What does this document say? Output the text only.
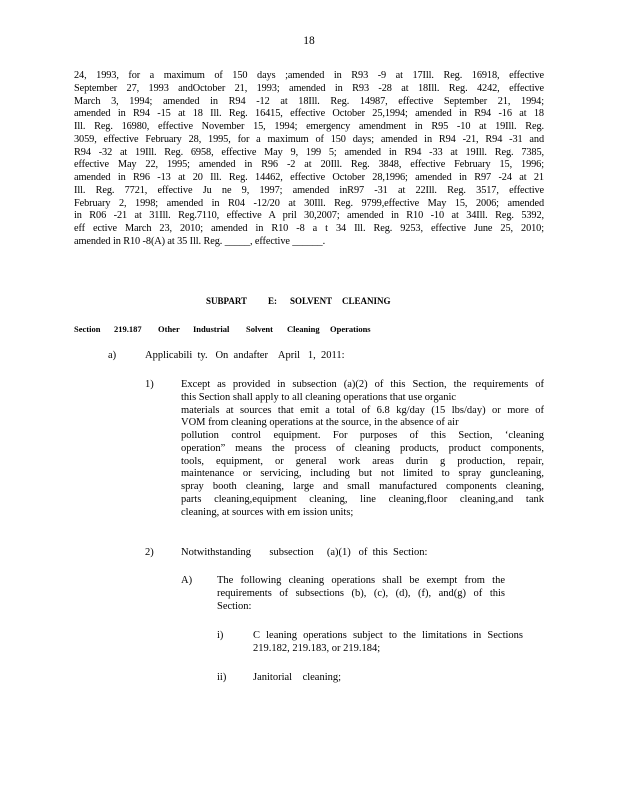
18
24, 1993, for a maximum of 150 days ;amended in R93 -9 at 17Ill. Reg. 16918, effective
September 27, 1993 andOctober 21, 1993; amended in R93 -28 at 18Ill. Reg. 4242, effective
March 3, 1994; amended in R94 -12 at 18Ill. Reg. 14987, effective September 21, 1994;
amended in R94 -15 at 18 Ill. Reg. 16415, effective October 25,1994; amended in R94 -16 at 18
Ill. Reg. 16980, effective November 15, 1994; emergency amendment in R95 -10 at 19Ill. Reg.
3059, effective February 28, 1995, for a maximum of 150 days; amended in R94 -21, R94 -31 and
R94 -32 at 19Ill. Reg. 6958, effective May 9, 199 5; amended in R94 -33 at 19Ill. Reg. 7385,
effective May 22, 1995; amended in R96 -2 at 20Ill. Reg. 3848, effective February 15, 1996;
amended in R96 -13 at 20 Ill. Reg. 14462, effective October 28,1996; amended in R97 -24 at 21
Ill. Reg. 7721, effective Ju ne 9, 1997; amended inR97 -31 at 22Ill. Reg. 3517, effective
February 2, 1998; amended in R04 -12/20 at 30Ill. Reg. 9799,effective May 15, 2006; amended
in R06 -21 at 31Ill. Reg.7110, effective A pril 30,2007; amended in R10 -10 at 34Ill. Reg. 5392,
eff ective March 23, 2010; amended in R10 -8 a t 34 Ill. Reg. 9253, effective June 25, 2010;
amended in R10 -8(A) at 35 Ill. Reg. _____, effective ______.
SUBPART E: SOLVENT CLEANING
Section 219.187 Other Industrial Solvent Cleaning Operations
a)	Applicabili  ty.   On  andafter    April   1,  2011:
1)	Except as provided in subsection (a)(2) of this Section, the requirements of
this Section shall apply to all cleaning operations that use organic
materials at sources that emit a total of 6.8 kg/day (15 lbs/day) or more of
VOM from cleaning operations at the source, in the absence of air
pollution control equipment. For purposes of this Section, ‘cleaning
operation” means the process of cleaning products, product components,
tools, equipment, or general work areas durin g production, repair,
maintenance or servicing, including but not limited to spray guncleaning,
spray booth cleaning, large and small manufactured components cleaning,
parts cleaning,equipment cleaning, line cleaning,floor cleaning,and tank
cleaning, at sources with em ission units;
2)	Notwithstanding       subsection     (a)(1)   of  this  Section:
A) The following cleaning operations shall be exempt from the
requirements of subsections (b), (c), (d), (f), and(g) of this
Section:
i)	C leaning operations subject to the limitations in Sections
219.182, 219.183, or 219.184;
ii)	Janitorial    cleaning;
